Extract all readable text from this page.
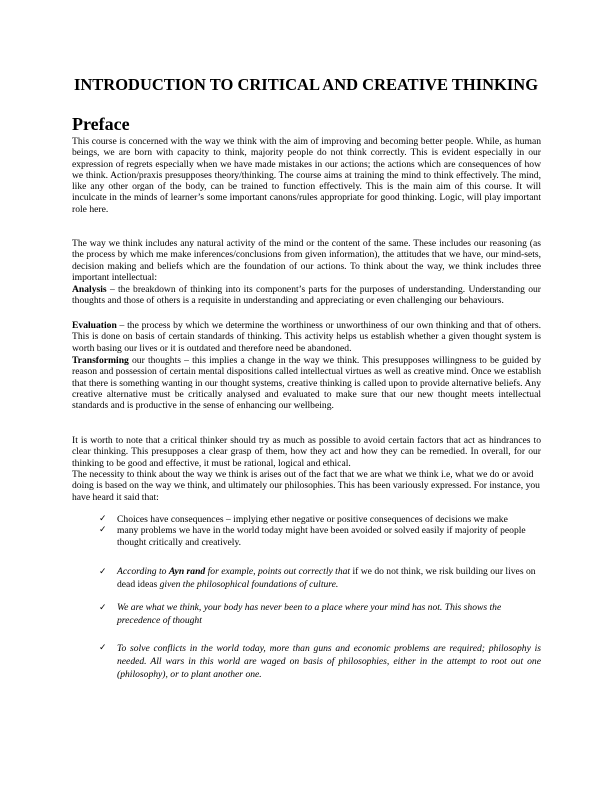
INTRODUCTION TO CRITICAL AND CREATIVE THINKING
Preface

This course is concerned with the way we think with the aim of improving and becoming better people. While, as human beings, we are born with capacity to think, majority people do not think correctly. This is evident especially in our expression of regrets especially when we have made mistakes in our actions; the actions which are consequences of how we think. Action/praxis presupposes theory/thinking. The course aims at training the mind to think effectively. The mind, like any other organ of the body, can be trained to function effectively. This is the main aim of this course. It will inculcate in the minds of learner’s some important canons/rules appropriate for good thinking. Logic, will play important role here.

The way we think includes any natural activity of the mind or the content of the same. These includes our reasoning (as the process by which me make inferences/conclusions from given information), the attitudes that we have, our mind-sets, decision making and beliefs which are the foundation of our actions. To think about the way, we think includes three important intellectual:

Analysis – the breakdown of thinking into its component’s parts for the purposes of understanding. Understanding our thoughts and those of others is a requisite in understanding and appreciating or even challenging our behaviours.

Evaluation – the process by which we determine the worthiness or unworthiness of our own thinking and that of others. This is done on basis of certain standards of thinking. This activity helps us establish whether a given thought system is worth basing our lives or it is outdated and therefore need be abandoned.

Transforming our thoughts – this implies a change in the way we think. This presupposes willingness to be guided by reason and possession of certain mental dispositions called intellectual virtues as well as creative mind. Once we establish that there is something wanting in our thought systems, creative thinking is called upon to provide alternative beliefs. Any creative alternative must be critically analysed and evaluated to make sure that our new thought meets intellectual standards and is productive in the sense of enhancing our wellbeing.

It is worth to note that a critical thinker should try as much as possible to avoid certain factors that act as hindrances to clear thinking. This presupposes a clear grasp of them, how they act and how they can be remedied. In overall, for our thinking to be good and effective, it must be rational, logical and ethical.

The necessity to think about the way we think is arises out of the fact that we are what we think i.e, what we do or avoid doing is based on the way we think, and ultimately our philosophies. This has been variously expressed. For instance, you have heard it said that:

✓ Choices have consequences – implying ether negative or positive consequences of decisions we make
✓ many problems we have in the world today might have been avoided or solved easily if majority of people thought critically and creatively.
✓ According to Ayn rand for example, points out correctly that if we do not think, we risk building our lives on dead ideas given the philosophical foundations of culture.
✓ We are what we think, your body has never been to a place where your mind has not. This shows the precedence of thought
✓ To solve conflicts in the world today, more than guns and economic problems are required; philosophy is needed. All wars in this world are waged on basis of philosophies, either in the attempt to root out one (philosophy), or to plant another one.
